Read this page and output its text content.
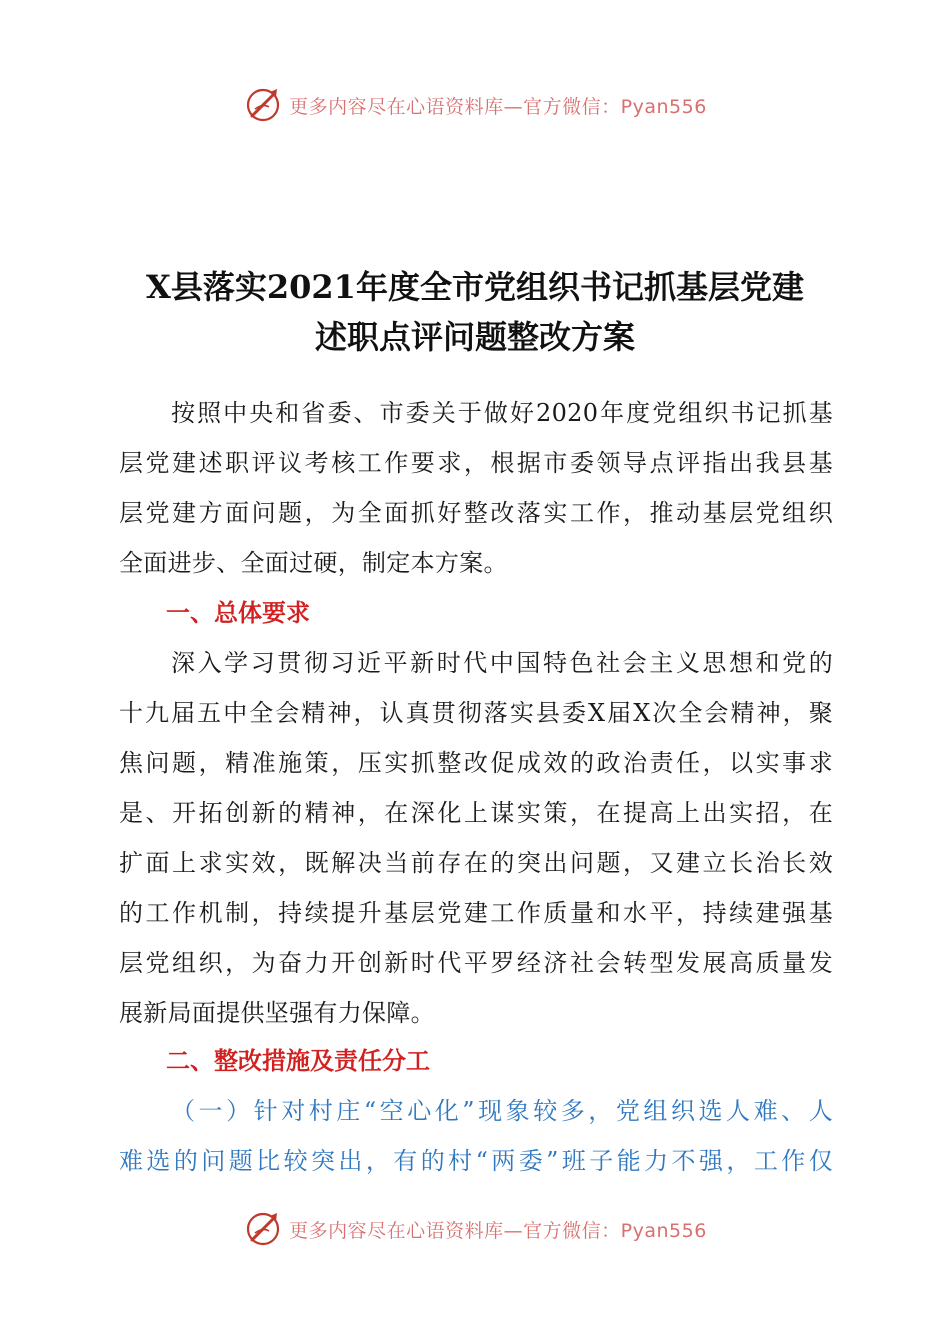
更多内容尽在心语资料库—官方微信：Pyan556
X县落实2021年度全市党组织书记抓基层党建
述职点评问题整改方案
按照中央和省委、市委关于做好2020年度党组织书记抓基
层党建述职评议考核工作要求，根据市委领导点评指出我县基
层党建方面问题，为全面抓好整改落实工作，推动基层党组织
全面进步、全面过硬，制定本方案。
一、总体要求
深入学习贯彻习近平新时代中国特色社会主义思想和党的
十九届五中全会精神，认真贯彻落实县委X届X次全会精神，聚
焦问题，精准施策，压实抓整改促成效的政治责任，以实事求
是、开拓创新的精神，在深化上谋实策，在提高上出实招，在
扩面上求实效，既解决当前存在的突出问题，又建立长治长效
的工作机制，持续提升基层党建工作质量和水平，持续建强基
层党组织，为奋力开创新时代平罗经济社会转型发展高质量发
展新局面提供坚强有力保障。
二、整改措施及责任分工
（一）针对村庄“空心化”现象较多，党组织选人难、人
难选的问题比较突出，有的村“两委”班子能力不强，工作仅
更多内容尽在心语资料库—官方微信：Pyan556
